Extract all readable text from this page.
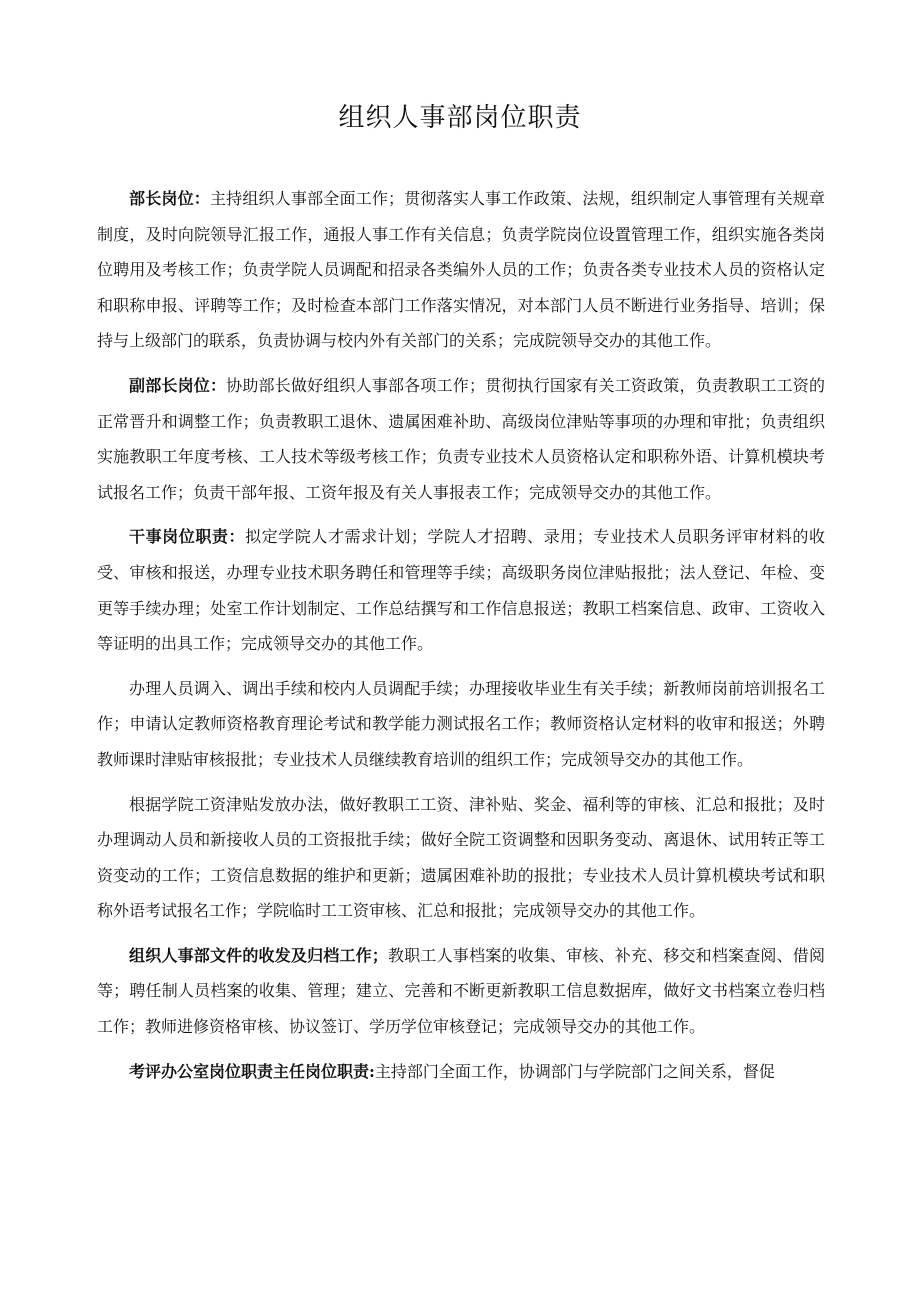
组织人事部岗位职责

部长岗位：主持组织人事部全面工作；贯彻落实人事工作政策、法规，组织制定人事管理有关规章制度，及时向院领导汇报工作，通报人事工作有关信息；负责学院岗位设置管理工作，组织实施各类岗位聘用及考核工作；负责学院人员调配和招录各类编外人员的工作；负责各类专业技术人员的资格认定和职称申报、评聘等工作；及时检查本部门工作落实情况，对本部门人员不断进行业务指导、培训；保持与上级部门的联系，负责协调与校内外有关部门的关系；完成院领导交办的其他工作。

副部长岗位：协助部长做好组织人事部各项工作；贯彻执行国家有关工资政策，负责教职工工资的正常晋升和调整工作；负责教职工退休、遗属困难补助、高级岗位津贴等事项的办理和审批；负责组织实施教职工年度考核、工人技术等级考核工作；负责专业技术人员资格认定和职称外语、计算机模块考试报名工作；负责干部年报、工资年报及有关人事报表工作；完成领导交办的其他工作。

干事岗位职责：拟定学院人才需求计划；学院人才招聘、录用；专业技术人员职务评审材料的收受、审核和报送，办理专业技术职务聘任和管理等手续；高级职务岗位津贴报批；法人登记、年检、变更等手续办理；处室工作计划制定、工作总结撰写和工作信息报送；教职工档案信息、政审、工资收入等证明的出具工作；完成领导交办的其他工作。

办理人员调入、调出手续和校内人员调配手续；办理接收毕业生有关手续；新教师岗前培训报名工作；申请认定教师资格教育理论考试和教学能力测试报名工作；教师资格认定材料的收审和报送；外聘教师课时津贴审核报批；专业技术人员继续教育培训的组织工作；完成领导交办的其他工作。

根据学院工资津贴发放办法，做好教职工工资、津补贴、奖金、福利等的审核、汇总和报批；及时办理调动人员和新接收人员的工资报批手续；做好全院工资调整和因职务变动、离退休、试用转正等工资变动的工作；工资信息数据的维护和更新；遗属困难补助的报批；专业技术人员计算机模块考试和职称外语考试报名工作；学院临时工工资审核、汇总和报批；完成领导交办的其他工作。

组织人事部文件的收发及归档工作；教职工人事档案的收集、审核、补充、移交和档案查阅、借阅等；聘任制人员档案的收集、管理；建立、完善和不断更新教职工信息数据库，做好文书档案立卷归档工作；教师进修资格审核、协议签订、学历学位审核登记；完成领导交办的其他工作。

考评办公室岗位职责主任岗位职责:主持部门全面工作，协调部门与学院部门之间关系，督促
